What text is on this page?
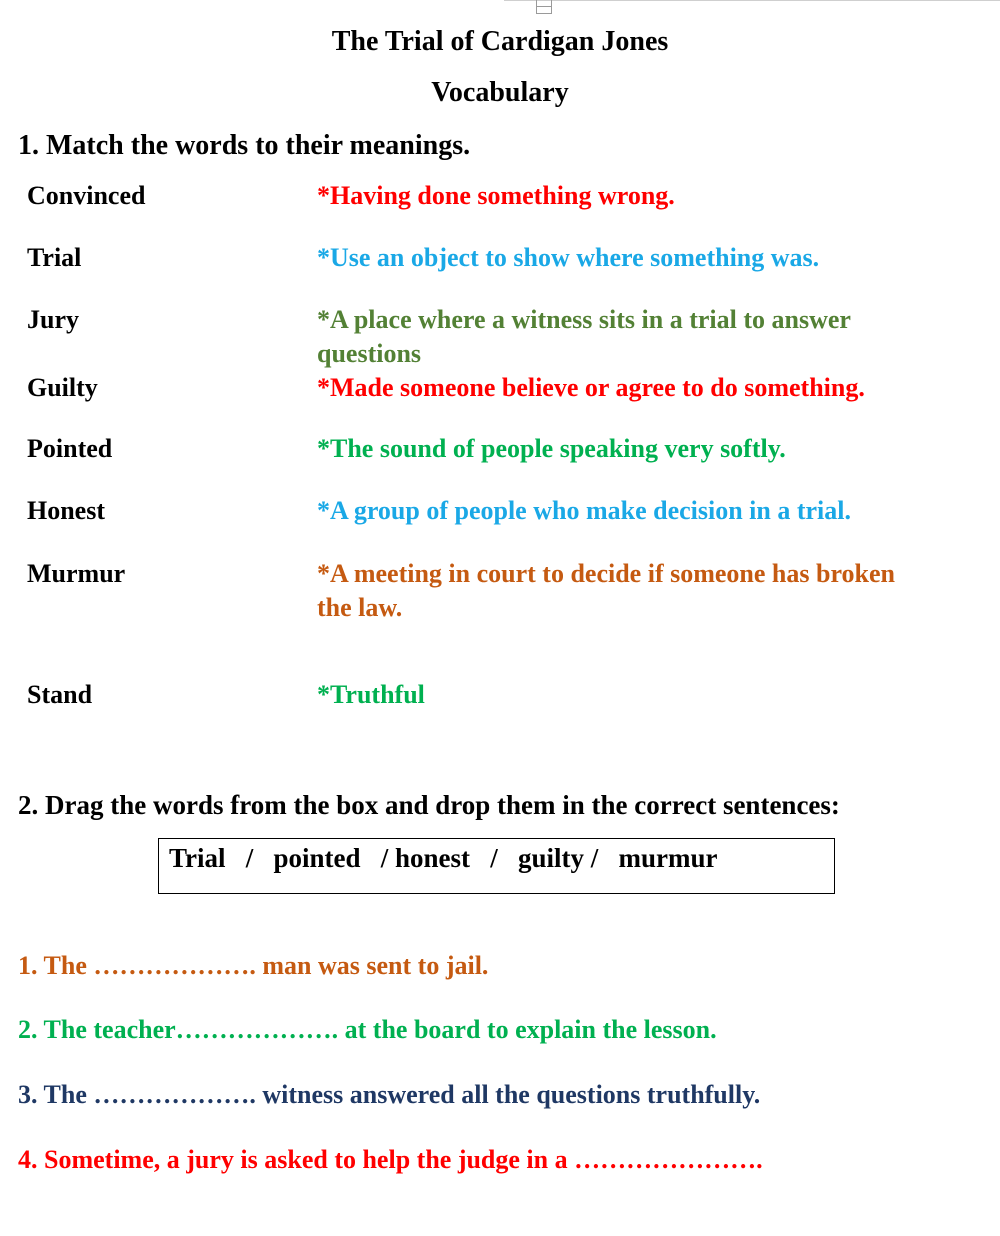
The Trial of Cardigan Jones
Vocabulary
1. Match the words to their meanings.
Convinced
Trial
Jury
Guilty
Pointed
Honest
Murmur
Stand
*Having done something wrong.
*Use an object to show where something was.
*A place where a witness sits in a trial to answer questions
*Made someone believe or agree to do something.
*The sound of people speaking very softly.
*A group of people who make decision in a trial.
*A meeting in court to decide if someone has broken the law.
*Truthful
2. Drag the words from the box and drop them in the correct sentences:
Trial   /   pointed   / honest   /   guilty /   murmur
1. The ………………. man was sent to jail.
2. The teacher………………. at the board to explain the lesson.
3. The ………………. witness answered all the questions truthfully.
4. Sometime, a jury is asked to help the judge in a ………………….
